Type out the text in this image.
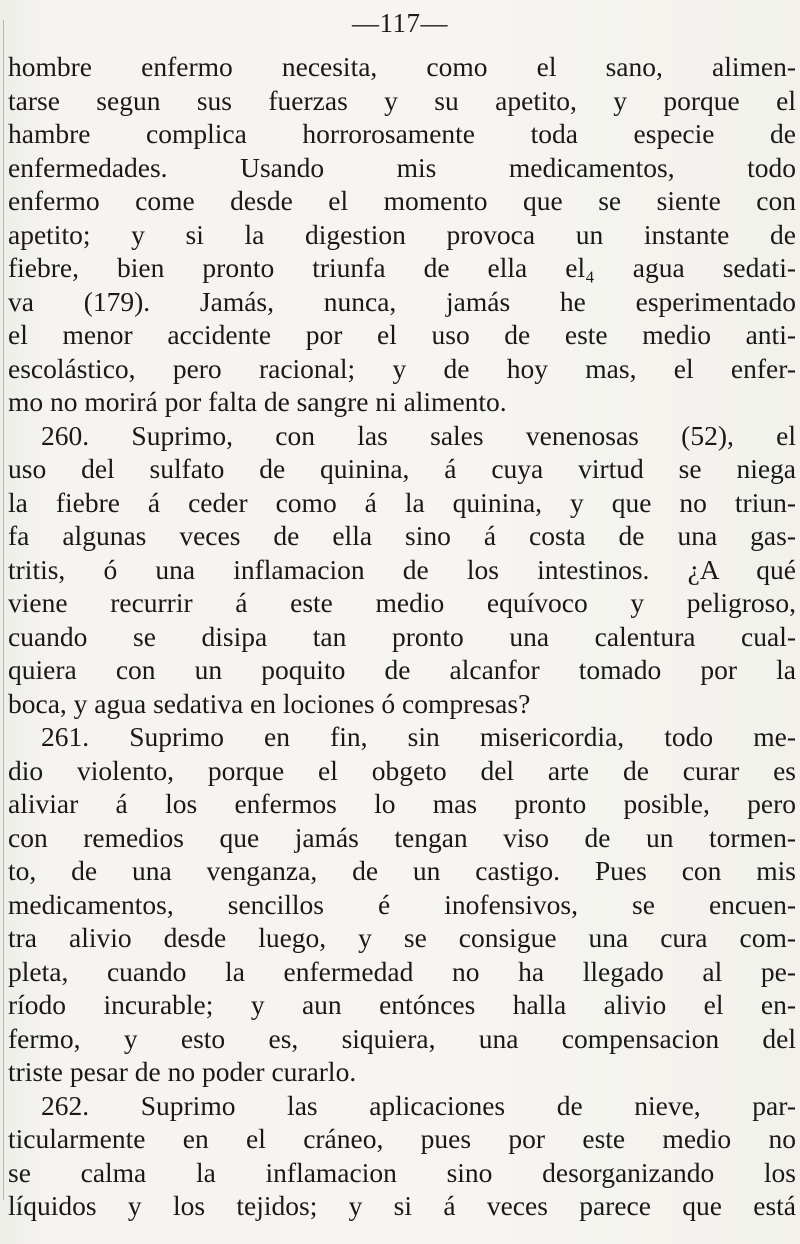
—117—
hombre enfermo necesita, como el sano, alimen-
tarse segun sus fuerzas y su apetito, y porque el
hambre complica horrorosamente toda especie de
enfermedades. Usando mis medicamentos, todo
enfermo come desde el momento que se siente con
apetito; y si la digestion provoca un instante de
fiebre, bien pronto triunfa de ella el₄ agua sedati-
va (179). Jamás, nunca, jamás he esperimentado
el menor accidente por el uso de este medio anti-
escolástico, pero racional; y de hoy mas, el enfer-
mo no morirá por falta de sangre ni alimento.
260. Suprimo, con las sales venenosas (52), el
uso del sulfato de quinina, á cuya virtud se niega
la fiebre á ceder como á la quinina, y que no triun-
fa algunas veces de ella sino á costa de una gas-
tritis, ó una inflamacion de los intestinos. ¿A qué
viene recurrir á este medio equívoco y peligroso,
cuando se disipa tan pronto una calentura cual-
quiera con un poquito de alcanfor tomado por la
boca, y agua sedativa en lociones ó compresas?
261. Suprimo en fin, sin misericordia, todo me-
dio violento, porque el obgeto del arte de curar es
aliviar á los enfermos lo mas pronto posible, pero
con remedios que jamás tengan viso de un tormen-
to, de una venganza, de un castigo. Pues con mis
medicamentos, sencillos é inofensivos, se encuen-
tra alivio desde luego, y se consigue una cura com-
pleta, cuando la enfermedad no ha llegado al pe-
ríodo incurable; y aun entónces halla alivio el en-
fermo, y esto es, siquiera, una compensacion del
triste pesar de no poder curarlo.
262. Suprimo las aplicaciones de nieve, par-
ticularmente en el cráneo, pues por este medio no
se calma la inflamacion sino desorganizando los
líquidos y los tejidos; y si á veces parece que está
